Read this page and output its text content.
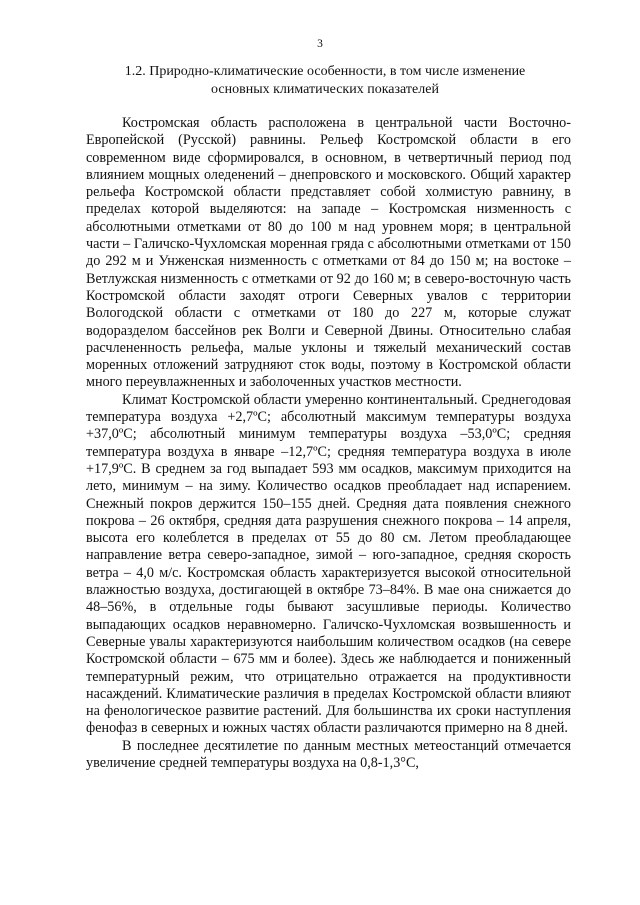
3
1.2. Природно-климатические особенности, в том числе изменение
основных климатических показателей

Костромская область расположена в центральной части Восточно-Европейской (Русской) равнины. Рельеф Костромской области в его современном виде сформировался, в основном, в четвертичный период под влиянием мощных оледенений – днепровского и московского. Общий характер рельефа Костромской области представляет собой холмистую равнину, в пределах которой выделяются: на западе – Костромская низменность с абсолютными отметками от 80 до 100 м над уровнем моря; в центральной части – Галичско-Чухломская моренная гряда с абсолютными отметками от 150 до 292 м и Унженская низменность с отметками от 84 до 150 м; на востоке – Ветлужская низменность с отметками от 92 до 160 м; в северо-восточную часть Костромской области заходят отроги Северных увалов с территории Вологодской области с отметками от 180 до 227 м, которые служат водоразделом бассейнов рек Волги и Северной Двины. Относительно слабая расчлененность рельефа, малые уклоны и тяжелый механический состав моренных отложений затрудняют сток воды, поэтому в Костромской области много переувлажненных и заболоченных участков местности.

Климат Костромской области умеренно континентальный. Среднегодовая температура воздуха +2,7ºС; абсолютный максимум температуры воздуха +37,0ºС; абсолютный минимум температуры воздуха –53,0ºС; средняя температура воздуха в январе –12,7ºС; средняя температура воздуха в июле +17,9ºС. В среднем за год выпадает 593 мм осадков, максимум приходится на лето, минимум – на зиму. Количество осадков преобладает над испарением. Снежный покров держится 150–155 дней. Средняя дата появления снежного покрова – 26 октября, средняя дата разрушения снежного покрова – 14 апреля, высота его колеблется в пределах от 55 до 80 см. Летом преобладающее направление ветра северо-западное, зимой – юго-западное, средняя скорость ветра – 4,0 м/с. Костромская область характеризуется высокой относительной влажностью воздуха, достигающей в октябре 73–84%. В мае она снижается до 48–56%, в отдельные годы бывают засушливые периоды. Количество выпадающих осадков неравномерно. Галичско-Чухломская возвышенность и Северные увалы характеризуются наибольшим количеством осадков (на севере Костромской области – 675 мм и более). Здесь же наблюдается и пониженный температурный режим, что отрицательно отражается на продуктивности насаждений. Климатические различия в пределах Костромской области влияют на фенологическое развитие растений. Для большинства их сроки наступления фенофаз в северных и южных частях области различаются примерно на 8 дней.

В последнее десятилетие по данным местных метеостанций отмечается увеличение средней температуры воздуха на 0,8-1,3°С,
